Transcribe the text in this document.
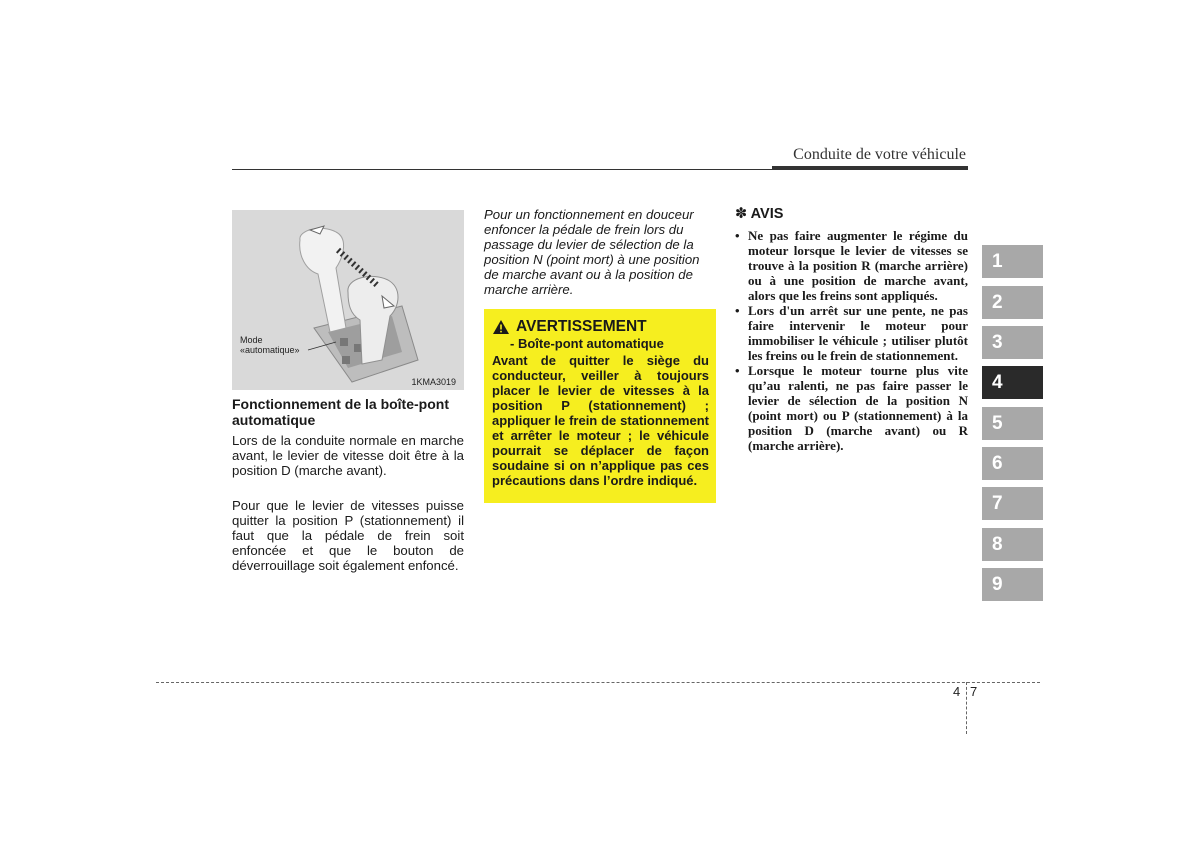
Conduite de votre véhicule
Mode
«automatique»
1KMA3019
Fonctionnement de la boîte-pont automatique
Lors de la conduite normale en marche avant, le levier de vitesse doit être à la position D (marche avant).
Pour que le levier de vitesses puisse quitter la position P (stationnement) il faut que la pédale de frein soit enfoncée et que le bouton de déverrouillage soit également enfoncé.
Pour un fonctionnement en douceur enfoncer la pédale de frein lors du passage du levier de sélection de la position N (point mort) à une position de marche avant ou à la position de marche arrière.
AVERTISSEMENT
- Boîte-pont automatique
Avant de quitter le siège du conducteur, veiller à toujours placer le levier de vitesses à la position P (stationnement) ; appliquer le frein de stationnement et arrêter le moteur ; le véhicule pourrait se déplacer de façon soudaine si on n’applique pas ces précautions dans l’ordre indiqué.
✽ AVIS
• Ne pas faire augmenter le régime du moteur lorsque le levier de vitesses se trouve à la position R (marche arrière) ou à une position de marche avant, alors que les freins sont appliqués.
• Lors d'un arrêt sur une pente, ne pas faire intervenir le moteur pour immobiliser le véhicule ; utiliser plutôt les freins ou le frein de stationnement.
• Lorsque le moteur tourne plus vite qu’au ralenti, ne pas faire passer le levier de sélection de la position N (point mort) ou P (stationnement) à la position D (marche avant) ou R (marche arrière).
1
2
3
4
5
6
7
8
9
4 7
